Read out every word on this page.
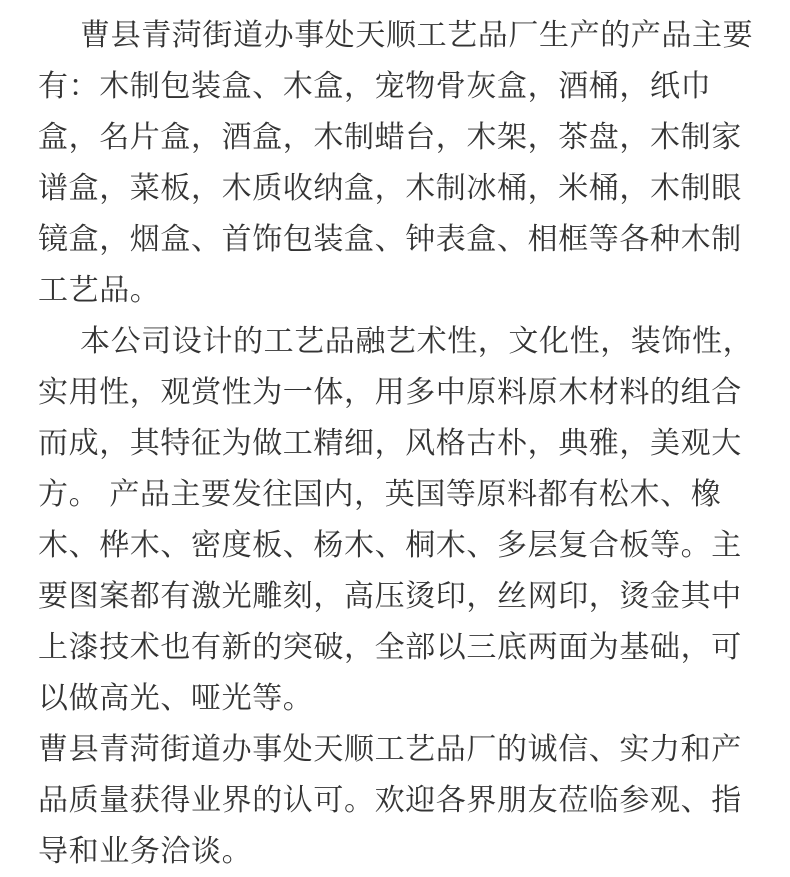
曹县青菏街道办事处天顺工艺品厂生产的产品主要
有：木制包装盒、木盒，宠物骨灰盒，酒桶，纸巾
盒，名片盒，酒盒，木制蜡台，木架，茶盘，木制家
谱盒，菜板，木质收纳盒，木制冰桶，米桶，木制眼
镜盒，烟盒、首饰包装盒、钟表盒、相框等各种木制
工艺品。
本公司设计的工艺品融艺术性，文化性，装饰性，
实用性，观赏性为一体，用多中原料原木材料的组合
而成，其特征为做工精细，风格古朴，典雅，美观大
方。 产品主要发往国内，英国等原料都有松木、橡
木、桦木、密度板、杨木、桐木、多层复合板等。主
要图案都有激光雕刻，高压烫印，丝网印，烫金其中
上漆技术也有新的突破，全部以三底两面为基础，可
以做高光、哑光等。
曹县青菏街道办事处天顺工艺品厂的诚信、实力和产
品质量获得业界的认可。欢迎各界朋友莅临参观、指
导和业务洽谈。
